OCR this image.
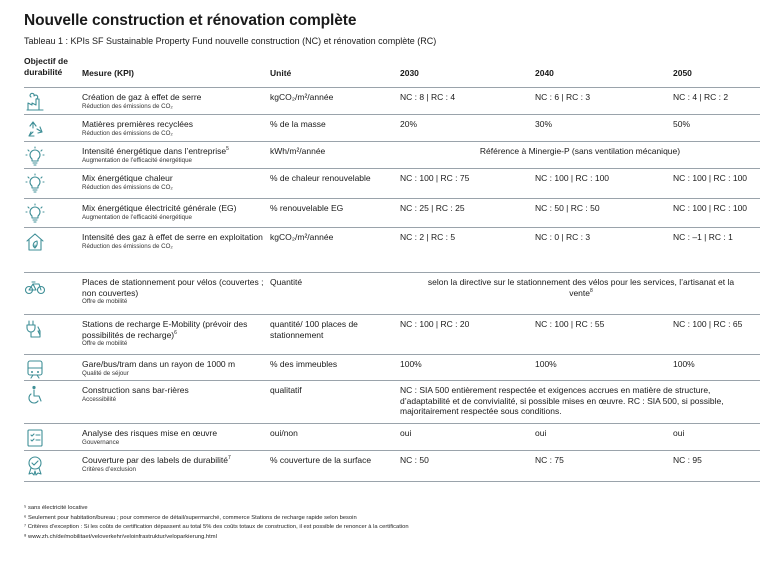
Nouvelle construction et rénovation complète
Tableau 1 : KPIs SF Sustainable Property Fund nouvelle construction (NC) et rénovation complète (RC)
Objectif de durabilité	Mesure (KPI)	Unité	2030	2040	2050
Création de gaz à effet de serre
Réduction des émissions de CO₂
kgCO₂/m²/année	NC : 8 | RC : 4	NC : 6 | RC : 3	NC : 4 | RC : 2
Matières premières recyclées
Réduction des émissions de CO₂
% de la masse	20%	30%	50%
Intensité énergétique dans l’entreprise$^5$

Augmentation de l’efficacité énergétique
kWh/m²/année	Référence à Minergie-P (sans ventilation mécanique)
Mix énergétique chaleur
Réduction des émissions de CO₂
% de chaleur renouvelable	NC : 100 | RC : 75	NC : 100 | RC : 100	NC : 100 | RC : 100
Mix énergétique électricité générale (EG)
Augmentation de l’efficacité énergétique
% renouvelable EG	NC : 25 | RC : 25	NC : 50 | RC : 50	NC : 100 | RC : 100
Intensité des gaz à effet de serre en exploitation
Réduction des émissions de CO₂
kgCO₂/m²/année	NC : 2 | RC : 5	NC : 0 | RC : 3	NC : –1 | RC : 1
Places de stationnement pour vélos (couvertes ; non couvertes)
Offre de mobilité
Quantité	selon la directive sur le stationnement des vélos pour les services, l’artisanat et la vente$^8$
Stations de recharge E-Mobility (prévoir des possibilités de recharge)$^6$

Offre de mobilité
quantité/ 100 places de stationnement
NC : 100 | RC : 20	NC : 100 | RC : 55	NC : 100 | RC : 65
Gare/bus/tram dans un rayon de 1000 m
Qualité de séjour
% des immeubles	100%	100%	100%
Construction sans bar-rières
Accessibilité
qualitatif	NC : SIA 500 entièrement respectée et exigences accrues en matière de structure, d’adaptabilité et de convivialité, si possible mises en œuvre. RC : SIA 500, si possible, majoritairement respectée sous conditions.
Analyse des risques mise en œuvre
Gouvernance
oui/non	oui	oui	oui
Couverture par des labels de durabilité$^7$

Critères d’exclusion
% couverture de la surface	NC : 50	NC : 75	NC : 95
⁵ sans électricité locative
⁶ Seulement pour habitation/bureau ; pour commerce de détail/supermarché, commerce Stations de recharge rapide selon besoin
⁷ Critères d’exception : Si les coûts de certification dépassent au total 5% des coûts totaux de construction, il est possible de renoncer à la certification
⁸ www.zh.ch/de/mobilitaet/veloverkehr/veloinfrastruktur/veloparkierung.html
